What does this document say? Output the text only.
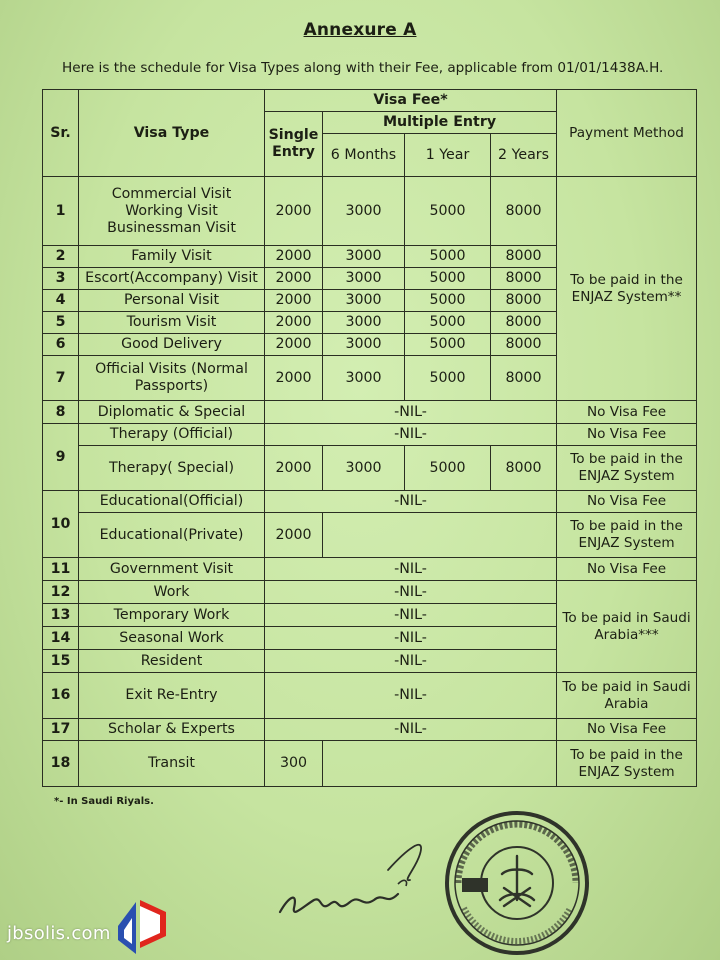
Annexure A
Here is the schedule for Visa Types along with their Fee, applicable from 01/01/1438A.H.
Sr.	Visa Type	Visa Fee*				Payment Method
		Single Entry	Multiple Entry			
			6 Months	1 Year	2 Years	

1	Commercial Visit
Working Visit
Businessman Visit	2000	3000	5000	8000	To be paid in the ENJAZ System**
2	Family Visit	2000	3000	5000	8000	
3	Escort(Accompany) Visit	2000	3000	5000	8000	
4	Personal Visit	2000	3000	5000	8000	
5	Tourism Visit	2000	3000	5000	8000	
6	Good Delivery	2000	3000	5000	8000	
7	Official Visits (Normal Passports)	2000	3000	5000	8000	
8	Diplomatic & Special	-NIL-				No Visa Fee
9	Therapy (Official)	-NIL-				No Visa Fee
	Therapy( Special)	2000	3000	5000	8000	To be paid in the ENJAZ System
10	Educational(Official)	-NIL-				No Visa Fee
	Educational(Private)	2000				To be paid in the ENJAZ System
11	Government Visit	-NIL-				No Visa Fee
12	Work	-NIL-				To be paid in Saudi Arabia***
13	Temporary Work	-NIL-				
14	Seasonal Work	-NIL-				
15	Resident	-NIL-				
16	Exit Re-Entry	-NIL-				To be paid in Saudi Arabia
17	Scholar & Experts	-NIL-				No Visa Fee
18	Transit	300				To be paid in the ENJAZ System
*- In Saudi Riyals.
jbsolis.com
